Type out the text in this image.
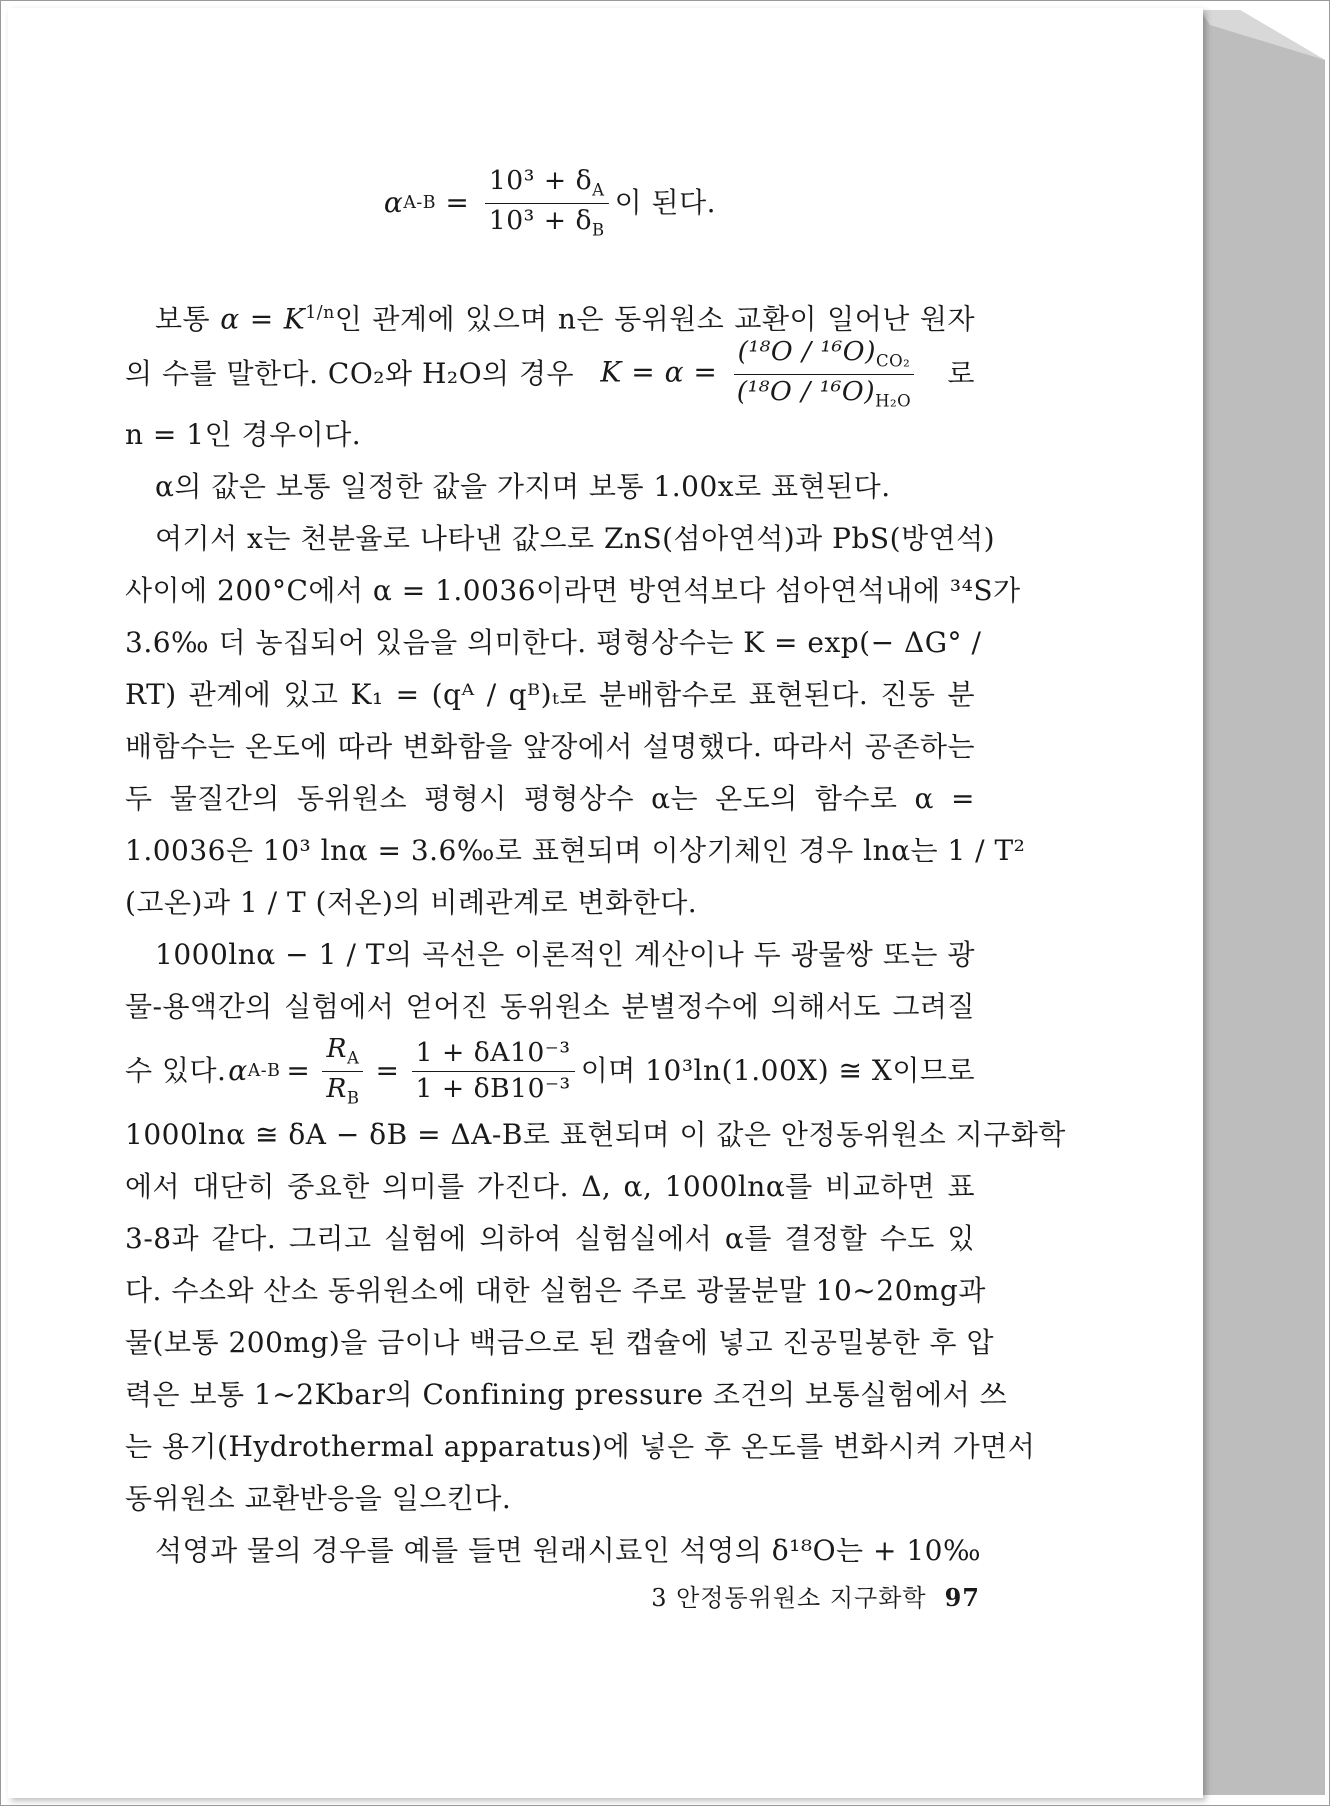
α $A-B = \frac{10^3 + \delta_A}{10^3 + \delta_B}$ 이 된다.
보통 $\alpha = K^{1/n}$인 관계에 있으며 n은 동위원소 교환이 일어난 원자
의 수를 말한다. CO₂와 H₂O의 경우 $K = \alpha = \frac{(^{18}O / ^{16}O)_{CO_2}}{(^{18}O / ^{16}O)_{H_2O}}$ 로
n = 1인 경우이다.
α의 값은 보통 일정한 값을 가지며 보통 1.00x로 표현된다.
여기서 x는 천분율로 나타낸 값으로 ZnS(섬아연석)과 PbS(방연석)
사이에 200°C에서 α = 1.0036이라면 방연석보다 섬아연석내에 ³⁴S가
3.6‰ 더 농집되어 있음을 의미한다. 평형상수는 K = exp(− ΔG° /
RT) 관계에 있고 K₁ = (qᴬ / qᴮ)ₜ로 분배함수로 표현된다. 진동 분
배함수는 온도에 따라 변화함을 앞장에서 설명했다. 따라서 공존하는
두 물질간의 동위원소 평형시 평형상수 α는 온도의 함수로 α =
1.0036은 10³ lnα = 3.6‰로 표현되며 이상기체인 경우 lnα는 1 / T²
(고온)과 1 / T (저온)의 비례관계로 변화한다.
1000lnα − 1 / T의 곡선은 이론적인 계산이나 두 광물쌍 또는 광
물-용액간의 실험에서 얻어진 동위원소 분별정수에 의해서도 그려질
수 있다. α $A-B = \frac{R_A}{R_B} = \frac{\text{1 + δA10⁻³}}{\text{1 + δB10⁻³}}$ 이며 10³ln(1.00X) ≅ X이므로
1000lnα ≅ δA − δB = ΔA-B로 표현되며 이 값은 안정동위원소 지구화학
에서 대단히 중요한 의미를 가진다. Δ, α, 1000lnα를 비교하면 표
3-8과 같다. 그리고 실험에 의하여 실험실에서 α를 결정할 수도 있
다. 수소와 산소 동위원소에 대한 실험은 주로 광물분말 10~20mg과
물(보통 200mg)을 금이나 백금으로 된 캡슐에 넣고 진공밀봉한 후 압
력은 보통 1~2Kbar의 Confining pressure 조건의 보통실험에서 쓰
는 용기(Hydrothermal apparatus)에 넣은 후 온도를 변화시켜 가면서
동위원소 교환반응을 일으킨다.
석영과 물의 경우를 예를 들면 원래시료인 석영의 δ¹⁸O는 + 10‰
3 안정동위원소 지구화학 97
